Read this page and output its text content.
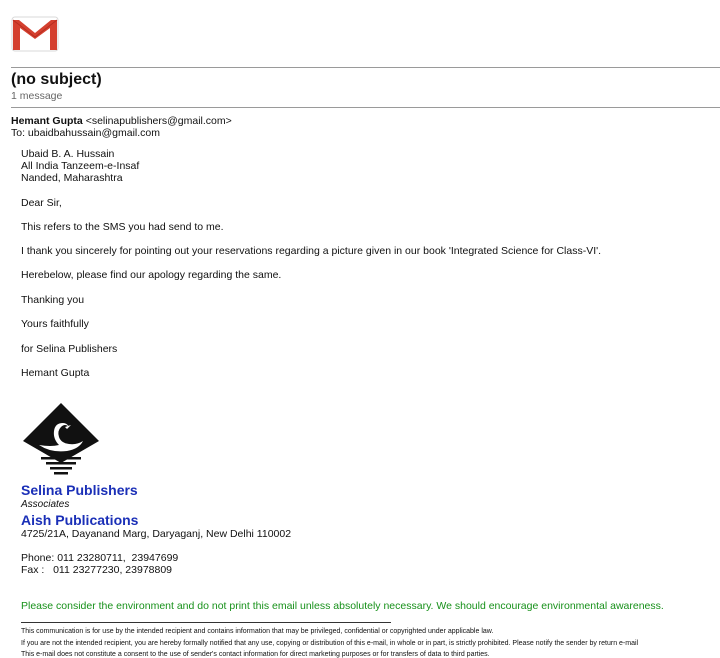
(no subject)
1 message
Hemant Gupta <selinapublishers@gmail.com>
To: ubaidbahussain@gmail.com
Ubaid B. A. Hussain
All India Tanzeem-e-Insaf
Nanded, Maharashtra
Dear Sir,
This refers to the SMS you had send to me.
I thank you sincerely for pointing out your reservations regarding a picture given in our book 'Integrated Science for Class-VI'.
Herebelow, please find our apology regarding the same.
Thanking you
Yours faithfully
for Selina Publishers
Hemant Gupta
Selina Publishers
Associates
Aish Publications
4725/21A, Dayanand Marg, Daryaganj, New Delhi 110002
Phone: 011 23280711,  23947699
Fax :   011 23277230, 23978809
Please consider the environment and do not print this email unless absolutely necessary. We should encourage environmental awareness.
This communication is for use by the intended recipient and contains information that may be privileged, confidential or copyrighted under applicable law.
If you are not the intended recipient, you are hereby formally notified that any use, copying or distribution of this e-mail, in whole or in part, is strictly prohibited. Please notify the sender by return e-mail
This e-mail does not constitute a consent to the use of sender's contact information for direct marketing purposes or for transfers of data to third parties.
